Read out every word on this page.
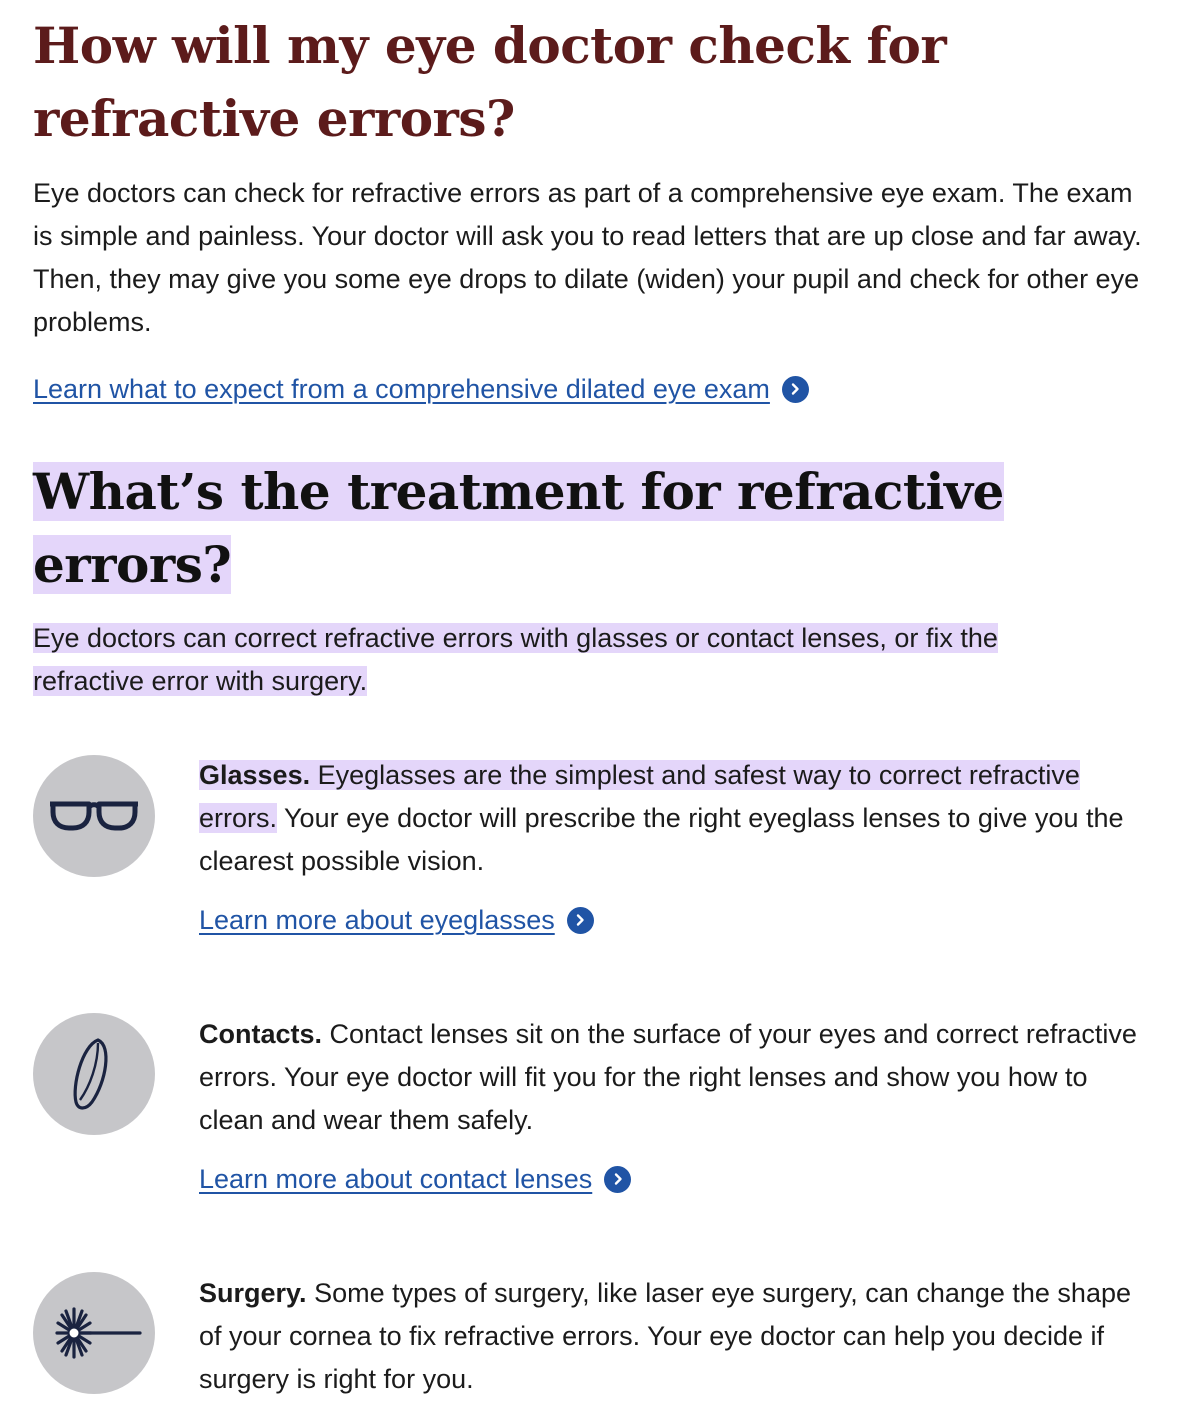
How will my eye doctor check for refractive errors?

Eye doctors can check for refractive errors as part of a comprehensive eye exam. The exam is simple and painless. Your doctor will ask you to read letters that are up close and far away. Then, they may give you some eye drops to dilate (widen) your pupil and check for other eye problems.

Learn what to expect from a comprehensive dilated eye exam
What’s the treatment for refractive errors?

Eye doctors can correct refractive errors with glasses or contact lenses, or fix the refractive error with surgery.

Glasses. Eyeglasses are the simplest and safest way to correct refractive errors. Your eye doctor will prescribe the right eyeglass lenses to give you the clearest possible vision.

Learn more about eyeglasses

Contacts. Contact lenses sit on the surface of your eyes and correct refractive errors. Your eye doctor will fit you for the right lenses and show you how to clean and wear them safely.

Learn more about contact lenses

Surgery. Some types of surgery, like laser eye surgery, can change the shape of your cornea to fix refractive errors. Your eye doctor can help you decide if surgery is right for you.
